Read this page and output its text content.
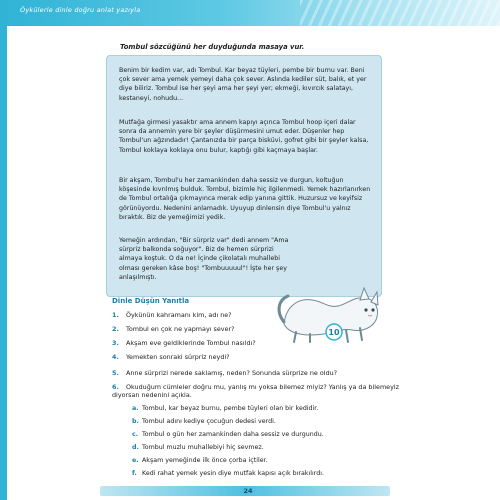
Öykülerle dinle doğru anlat yazıyla
Tombul sözcüğünü her duyduğunda masaya vur.

Benim bir kedim var, adı Tombul. Kar beyaz tüyleri, pembe bir burnu var. Beni çok sever ama yemek yemeyi daha çok sever. Aslında kediler süt, balık, et yer diye biliriz. Tombul ise her şeyi ama her şeyi yer; ekmeği, kıvırcık salatayı, kestaneyi, nohudu...

Mutfağa girmesi yasaktır ama annem kapıyı açınca Tombul hoop içeri dalar sonra da annemin yere bir şeyler düşürmesini umut eder. Düşenler hep Tombul'un ağzındadır! Çantanızda bir parça bisküvi, gofret gibi bir şeyler kalsa, Tombul koklaya koklaya onu bulur, kaptığı gibi kaçmaya başlar.

Bir akşam, Tombul'u her zamankinden daha sessiz ve durgun, koltuğun köşesinde kıvrılmış bulduk. Tombul, bizimle hiç ilgilenmedi. Yemek hazırlanırken de Tombul ortalığa çıkmayınca merak edip yanına gittik. Huzursuz ve keyifsiz görünüyordu. Nedenini anlamadık. Uyuyup dinlensin diye Tombul'u yalnız bıraktık. Biz de yemeğimizi yedik.

Yemeğin ardından, "Bir sürpriz var" dedi annem "Ama sürpriz balkonda soğuyor". Biz de hemen sürprizi almaya koştuk. O da ne! İçinde çikolatalı muhallebi olması gereken kâse boş! "Tombuuuuul"! İşte her şey anlaşılmıştı.

10
Dinle Düşün Yanıtla
1. Öykünün kahramanı kim, adı ne?
2. Tombul en çok ne yapmayı sever?
3. Akşam eve geldiklerinde Tombul nasıldı?
4. Yemekten sonraki sürpriz neydi?
5. Anne sürprizi nerede saklamış, neden? Sonunda sürprize ne oldu?
6. Okuduğum cümleler doğru mu, yanlış mı yoksa bilemez miyiz? Yanlış ya da bilemeyiz diyorsan nedenini açıkla.
a. Tombul, kar beyaz burnu, pembe tüyleri olan bir kedidir.
b. Tombul adını kediye çocuğun dedesi verdi.
c. Tombul o gün her zamankinden daha sessiz ve durgundu.
d. Tombul muzlu muhallebiyi hiç sevmez.
e. Akşam yemeğinde ilk önce çorba içtiler.
f. Kedi rahat yemek yesin diye mutfak kapısı açık bırakılırdı.
24
